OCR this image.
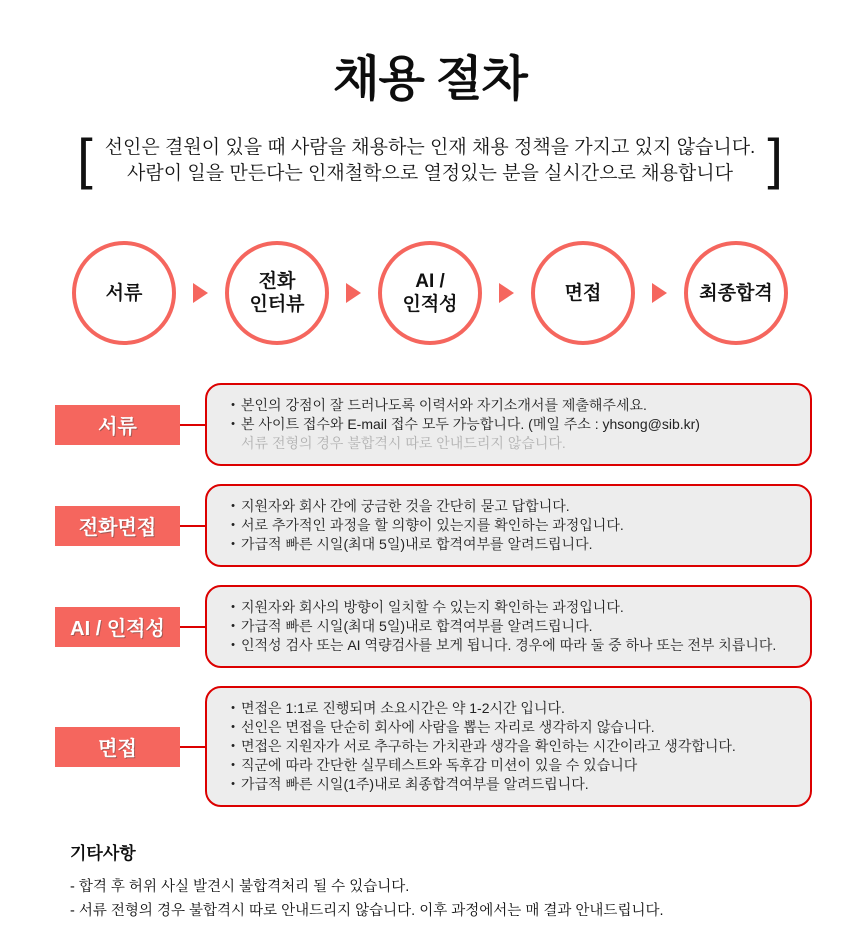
채용 절차
[ 선인은 결원이 있을 때 사람을 채용하는 인재 채용 정책을 가지고 있지 않습니다.
사람이 일을 만든다는 인재철학으로 열정있는 분을 실시간으로 채용합니다 ]
서류
전화
인터뷰
AI /
인적성
면접	최종합격
서류
• 본인의 강점이 잘 드러나도록 이력서와 자기소개서를 제출해주세요.
• 본 사이트 접수와 E-mail 접수 모두 가능합니다. (메일 주소 : yhsong@sib.kr)
서류 전형의 경우 불합격시 따로 안내드리지 않습니다.
전화면접
• 지원자와 회사 간에 궁금한 것을 간단히 묻고 답합니다.
• 서로 추가적인 과정을 할 의향이 있는지를 확인하는 과정입니다.
• 가급적 빠른 시일(최대 5일)내로 합격여부를 알려드립니다.
AI / 인적성
• 지원자와 회사의 방향이 일치할 수 있는지 확인하는 과정입니다.
• 가급적 빠른 시일(최대 5일)내로 합격여부를 알려드립니다.
• 인적성 검사 또는 AI 역량검사를 보게 됩니다. 경우에 따라 둘 중 하나 또는 전부 치릅니다.
면접
• 면접은 1:1로 진행되며 소요시간은 약 1-2시간 입니다.
• 선인은 면접을 단순히 회사에 사람을 뽑는 자리로 생각하지 않습니다.
• 면접은 지원자가 서로 추구하는 가치관과 생각을 확인하는 시간이라고 생각합니다.
• 직군에 따라 간단한 실무테스트와 독후감 미션이 있을 수 있습니다
• 가급적 빠른 시일(1주)내로 최종합격여부를 알려드립니다.
기타사항
- 합격 후 허위 사실 발견시 불합격처리 될 수 있습니다.
- 서류 전형의 경우 불합격시 따로 안내드리지 않습니다. 이후 과정에서는 매 결과 안내드립니다.
